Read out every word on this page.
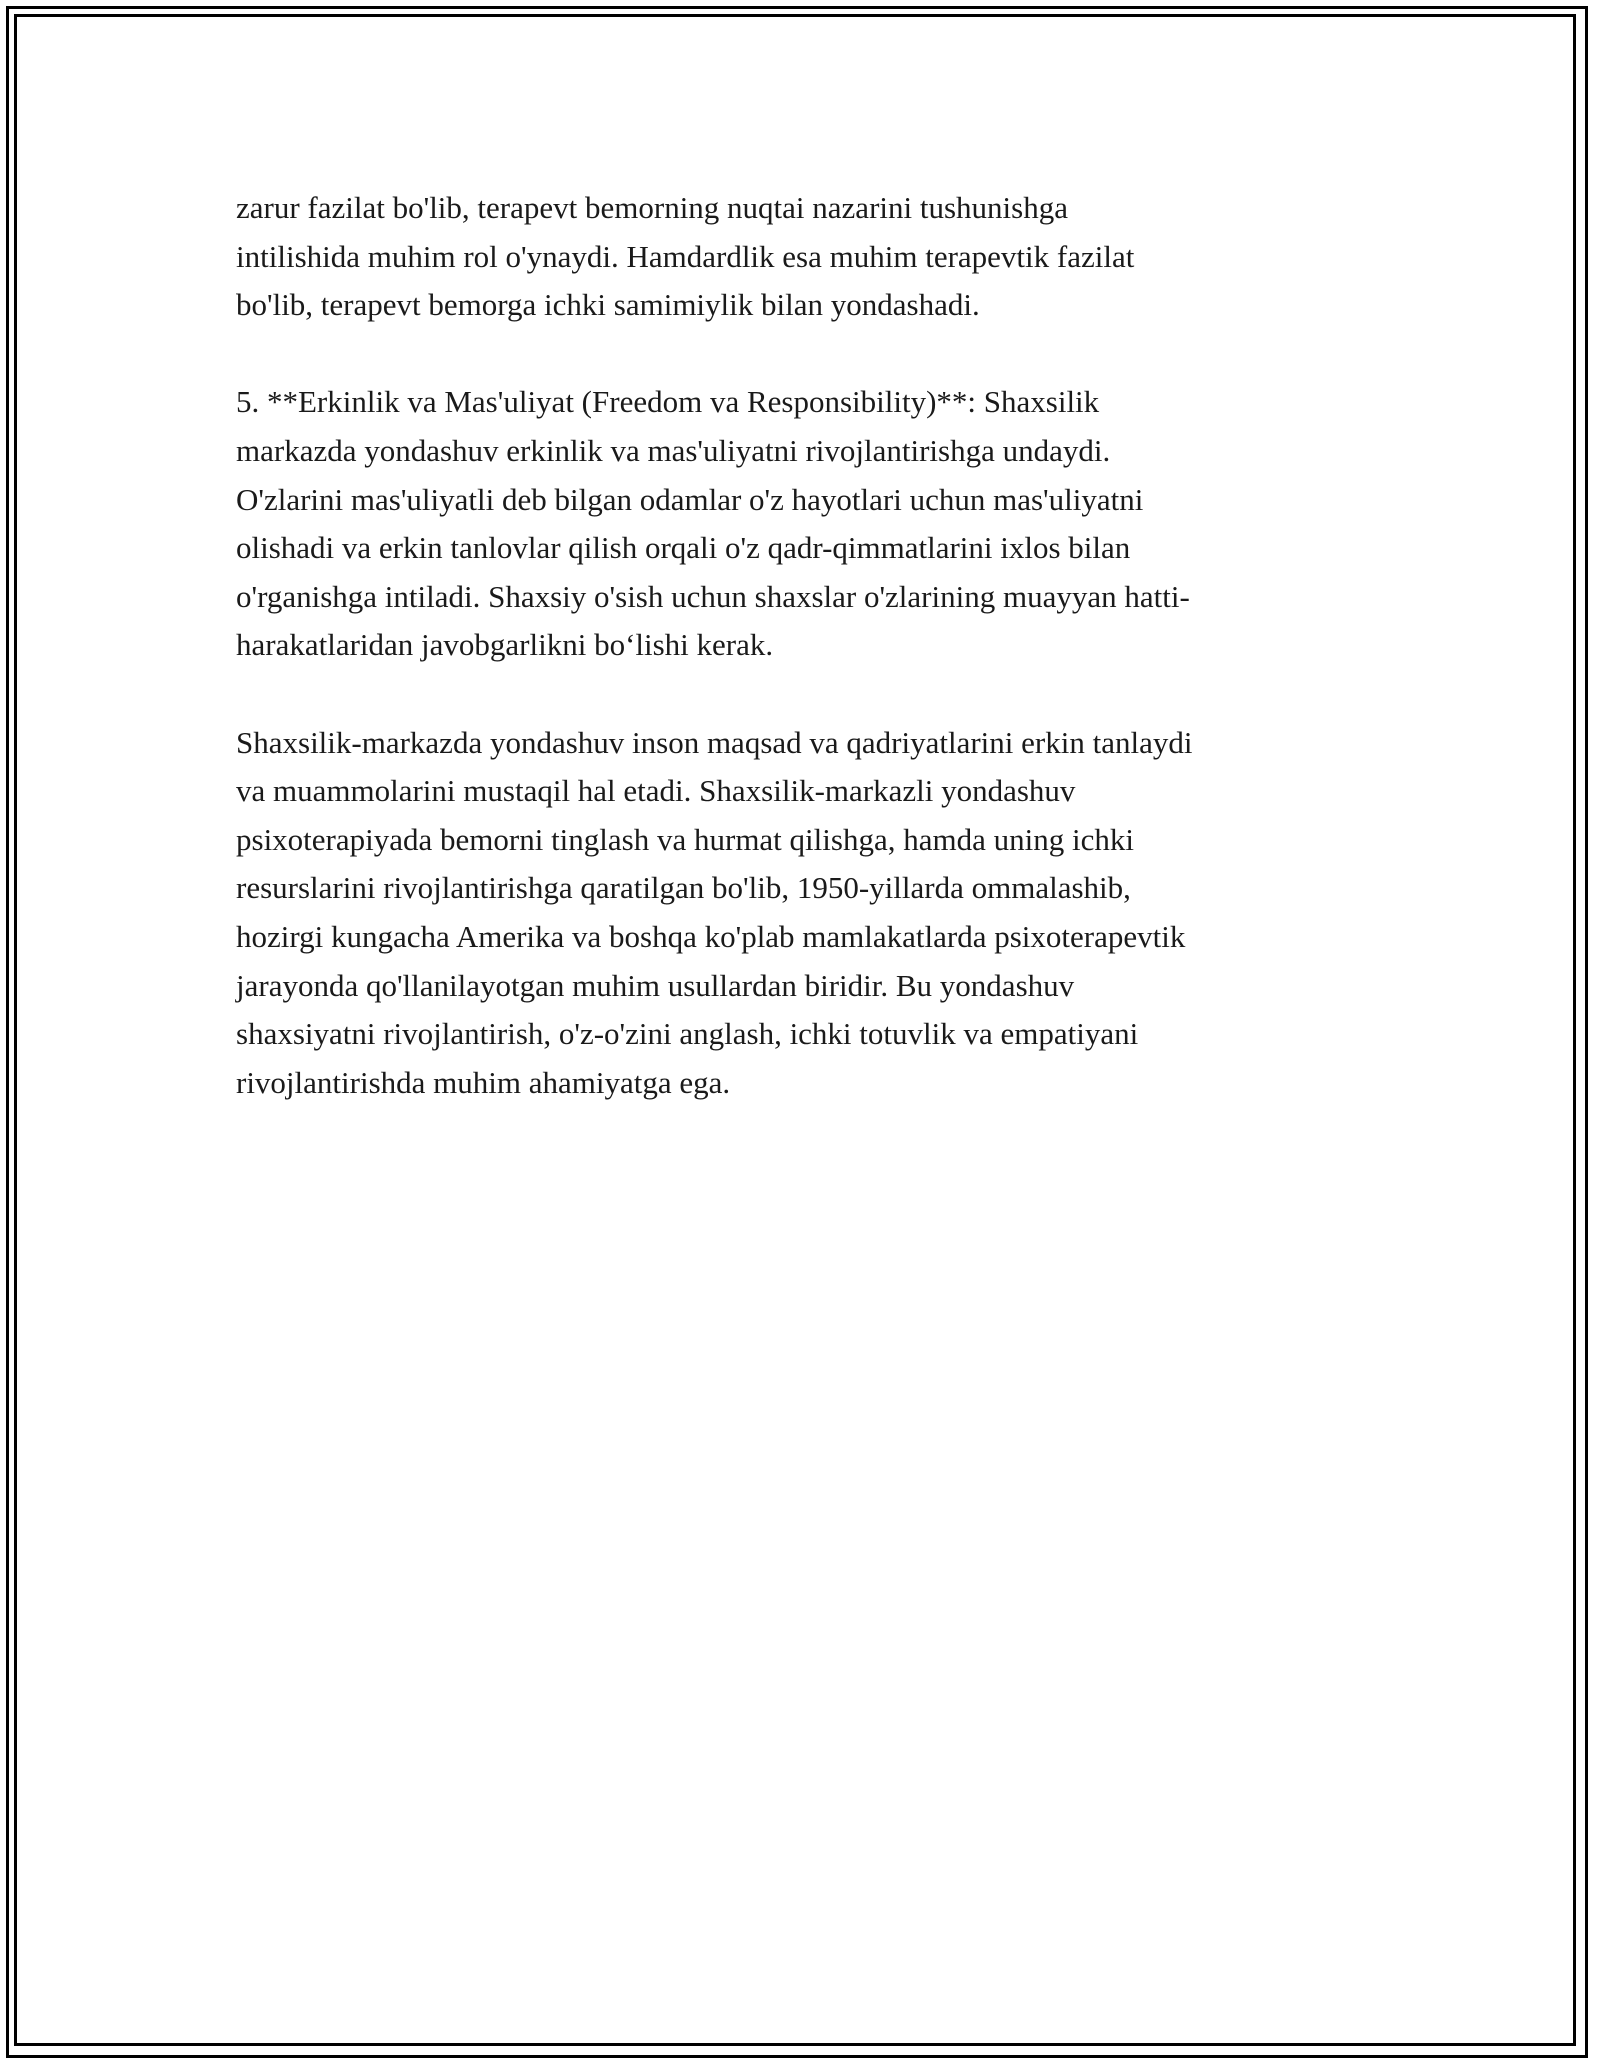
zarur fazilat bo'lib, terapevt bemorning nuqtai nazarini tushunishga
intilishida muhim rol o'ynaydi. Hamdardlik esa muhim terapevtik fazilat
bo'lib, terapevt bemorga ichki samimiylik bilan yondashadi.

5. **Erkinlik va Mas'uliyat (Freedom va Responsibility)**: Shaxsilik
markazda yondashuv erkinlik va mas'uliyatni rivojlantirishga undaydi.
O'zlarini mas'uliyatli deb bilgan odamlar o'z hayotlari uchun mas'uliyatni
olishadi va erkin tanlovlar qilish orqali o'z qadr-qimmatlarini ixlos bilan
o'rganishga intiladi. Shaxsiy o'sish uchun shaxslar o'zlarining muayyan hatti-
harakatlaridan javobgarlikni bo‘lishi kerak.

Shaxsilik-markazda yondashuv inson maqsad va qadriyatlarini erkin tanlaydi
va muammolarini mustaqil hal etadi. Shaxsilik-markazli yondashuv
psixoterapiyada bemorni tinglash va hurmat qilishga, hamda uning ichki
resurslarini rivojlantirishga qaratilgan bo'lib, 1950-yillarda ommalashib,
hozirgi kungacha Amerika va boshqa ko'plab mamlakatlarda psixoterapevtik
jarayonda qo'llanilayotgan muhim usullardan biridir. Bu yondashuv
shaxsiyatni rivojlantirish, o'z-o'zini anglash, ichki totuvlik va empatiyani
rivojlantirishda muhim ahamiyatga ega.
